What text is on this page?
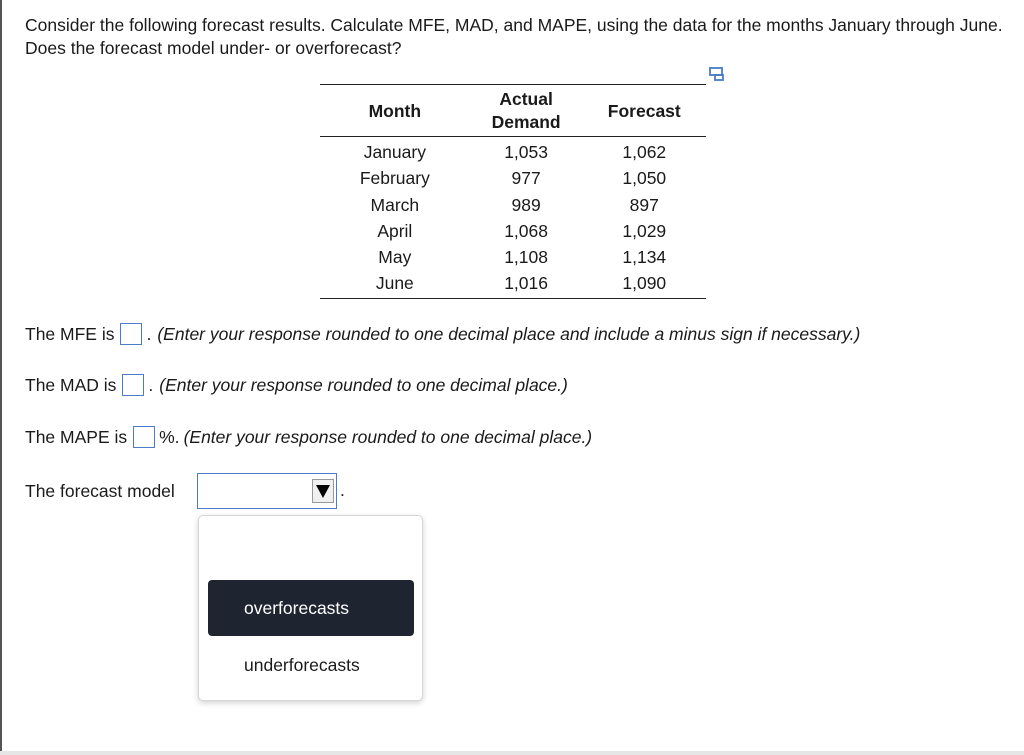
Consider the following forecast results. Calculate MFE, MAD, and MAPE, using the data for the months January through June. Does the forecast model under- or overforecast?
Month	Actual Demand	Forecast
January	1,053	1,062
February	977	1,050
March	989	897
April	1,068	1,029
May	1,108	1,134
June	1,016	1,090
The MFE is . (Enter your response rounded to one decimal place and include a minus sign if necessary.)
The MAD is . (Enter your response rounded to one decimal place.)
The MAPE is %. (Enter your response rounded to one decimal place.)
The forecast model	.
overforecasts
underforecasts
